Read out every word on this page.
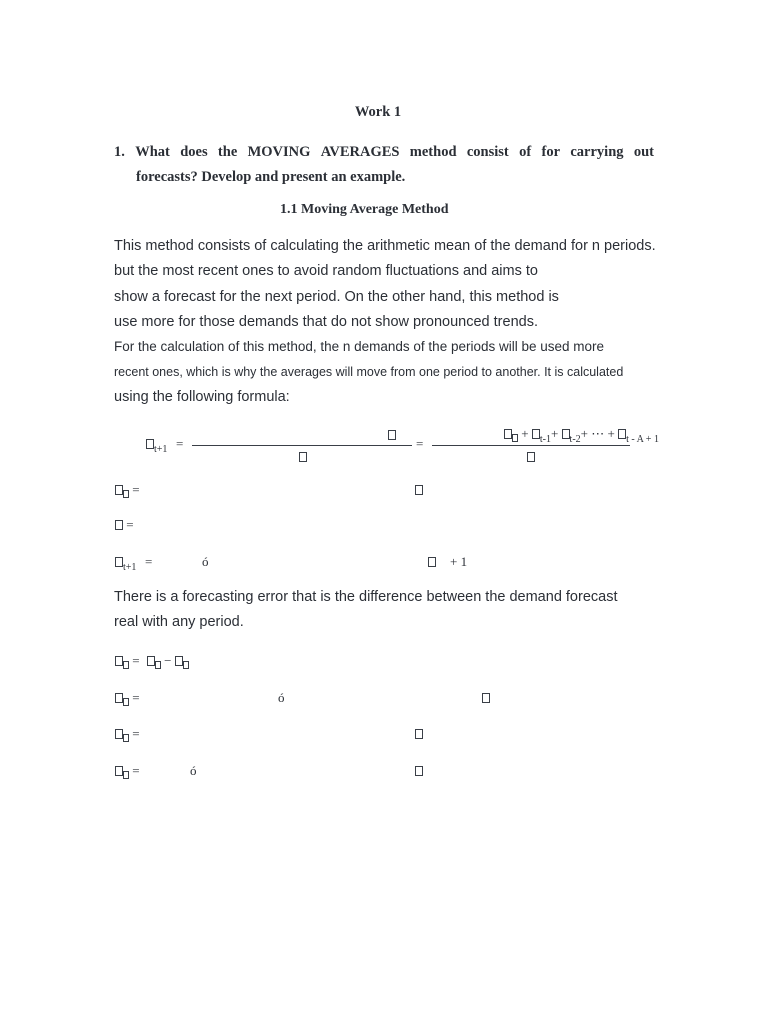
Work 1
1. What does the MOVING AVERAGES method consist of for carrying out
forecasts? Develop and present an example.
1.1 Moving Average Method
This method consists of calculating the arithmetic mean of the demand for n periods.
but the most recent ones to avoid random fluctuations and aims to
show a forecast for the next period. On the other hand, this method is
use more for those demands that do not show pronounced trends.
For the calculation of this method, the n demands of the periods will be used more
recent ones, which is why the averages will move from one period to another. It is calculated
using the following formula:
$_{t+1}$ =	=
+ $_{t-1}$+ $_{t-2}$+ ⋯ + $_{t - A + 1}$
=
=
$_{t+1}$ =	ó	+ 1
There is a forecasting error that is the difference between the demand forecast
real with any period.
= −
=	ó
=
=	ó
